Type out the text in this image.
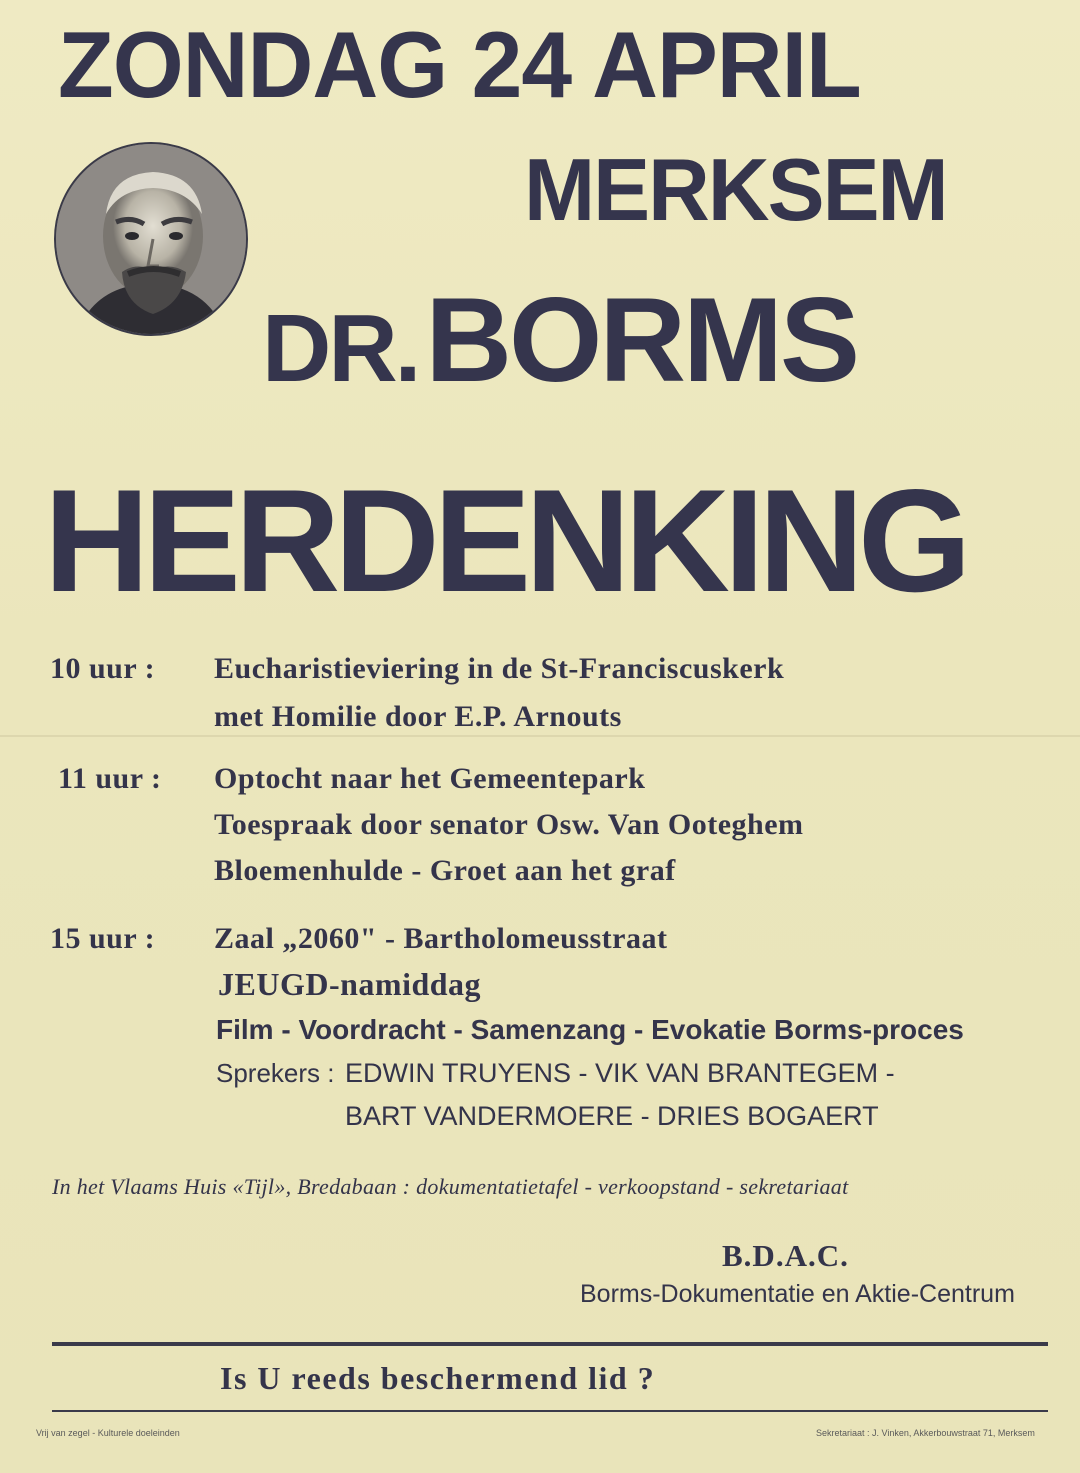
ZONDAG 24 APRIL
MERKSEM
DR. BORMS
HERDENKING
10 uur : Eucharistieviering in de St-Franciscuskerk
met Homilie door E.P. Arnouts
11 uur : Optocht naar het Gemeentepark
Toespraak door senator Osw. Van Ooteghem
Bloemenhulde - Groet aan het graf
15 uur : Zaal „2060" - Bartholomeusstraat
JEUGD-namiddag
Film - Voordracht - Samenzang - Evokatie Borms-proces
Sprekers : EDWIN TRUYENS - VIK VAN BRANTEGEM -
BART VANDERMOERE - DRIES BOGAERT
In het Vlaams Huis «Tijl», Bredabaan : dokumentatietafel - verkoopstand - sekretariaat
B.D.A.C.
Borms-Dokumentatie en Aktie-Centrum
Is U reeds beschermend lid ?
Vrij van zegel - Kulturele doeleinden	Sekretariaat : J. Vinken, Akkerbouwstraat 71, Merksem
